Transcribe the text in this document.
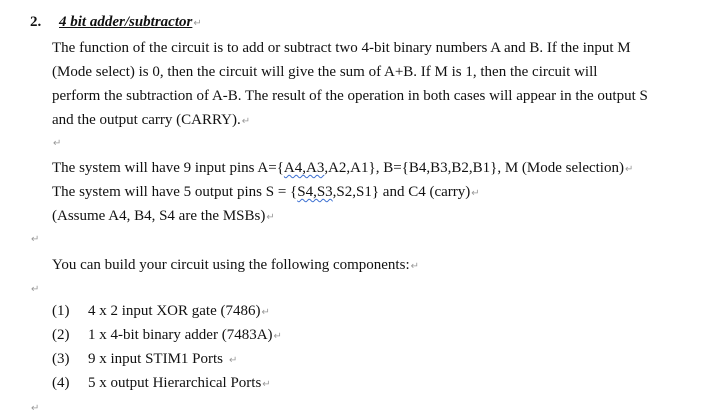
2. 4 bit adder/subtractor↵
The function of the circuit is to add or subtract two 4-bit binary numbers A and B. If the input M
(Mode select) is 0, then the circuit will give the sum of A+B. If M is 1, then the circuit will
perform the subtraction of A-B. The result of the operation in both cases will appear in the output S
and the output carry (CARRY).↵
↵
The system will have 9 input pins A={A4,A3,A2,A1}, B={B4,B3,B2,B1}, M (Mode selection)↵
The system will have 5 output pins S = {S4,S3,S2,S1} and C4 (carry)↵
(Assume A4, B4, S4 are the MSBs)↵
↵
You can build your circuit using the following components:↵
↵
(1) 4 x 2 input XOR gate (7486)↵
(2) 1 x 4-bit binary adder (7483A)↵
(3) 9 x input STIM1 Ports ↵
(4) 5 x output Hierarchical Ports↵
↵
